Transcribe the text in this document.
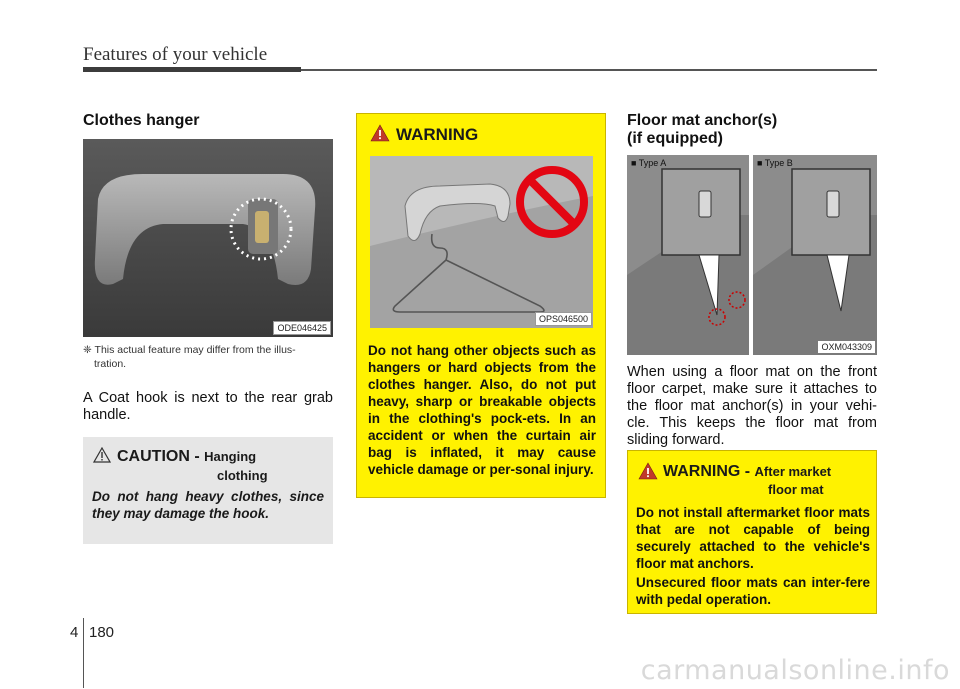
Features of your vehicle
Clothes hanger
ODE046425
❈ This actual feature may differ from the illus-
tration.
A Coat hook is next to the rear grab handle.
CAUTION - Hanging
clothing
Do not hang heavy clothes, since they may damage the hook.
WARNING
OPS046500
Do not hang other objects such as hangers or hard objects from the clothes hanger. Also, do not put heavy, sharp or breakable objects in the clothing's pock-ets. In an accident or when the curtain air bag is inflated, it may cause vehicle damage or per-sonal injury.
Floor mat anchor(s)
(if equipped)
■ Type A	■ Type B
OXM043309
When using a floor mat on the front floor carpet, make sure it attaches to the floor mat anchor(s) in your vehi-cle. This keeps the floor mat from sliding forward.
WARNING - After market
floor mat
Do not install aftermarket floor mats that are not capable of being securely attached to the vehicle's floor mat anchors.
Unsecured floor mats can inter-fere with pedal operation.
4 180
carmanualsonline.info
